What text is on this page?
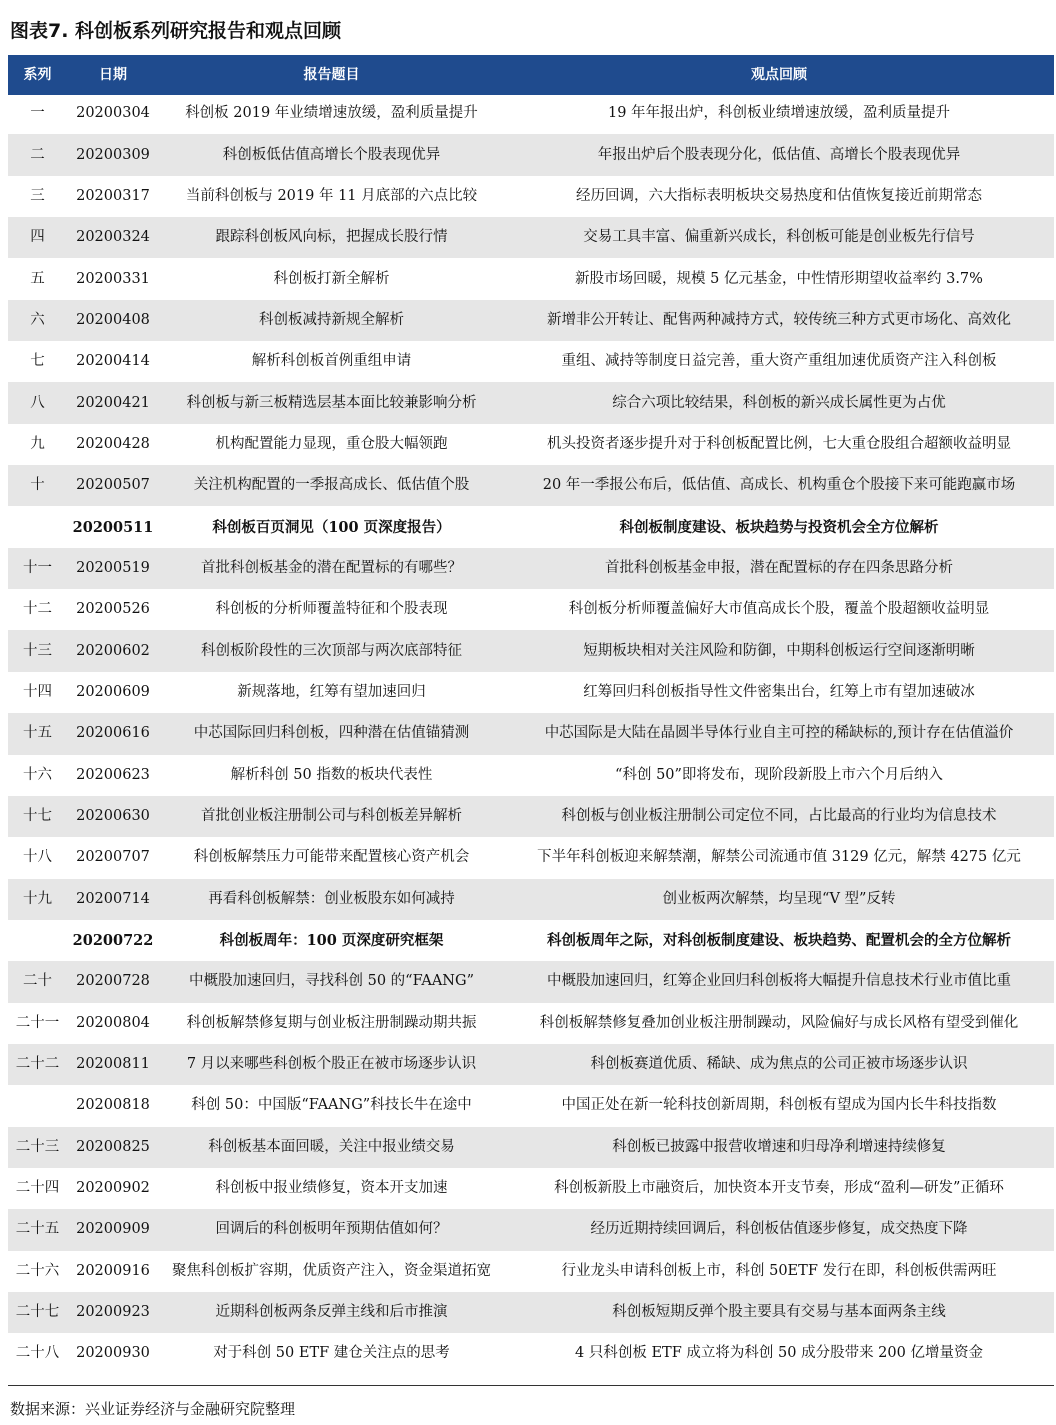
图表7. 科创板系列研究报告和观点回顾
系列	日期	报告题目	观点回顾
一	20200304	科创板 2019 年业绩增速放缓，盈利质量提升	19 年年报出炉，科创板业绩增速放缓，盈利质量提升
二	20200309	科创板低估值高增长个股表现优异	年报出炉后个股表现分化，低估值、高增长个股表现优异
三	20200317	当前科创板与 2019 年 11 月底部的六点比较	经历回调，六大指标表明板块交易热度和估值恢复接近前期常态
四	20200324	跟踪科创板风向标，把握成长股行情	交易工具丰富、偏重新兴成长，科创板可能是创业板先行信号
五	20200331	科创板打新全解析	新股市场回暖，规模 5 亿元基金，中性情形期望收益率约 3.7%
六	20200408	科创板减持新规全解析	新增非公开转让、配售两种减持方式，较传统三种方式更市场化、高效化
七	20200414	解析科创板首例重组申请	重组、减持等制度日益完善，重大资产重组加速优质资产注入科创板
八	20200421	科创板与新三板精选层基本面比较兼影响分析	综合六项比较结果，科创板的新兴成长属性更为占优
九	20200428	机构配置能力显现，重仓股大幅领跑	机头投资者逐步提升对于科创板配置比例，七大重仓股组合超额收益明显
十	20200507	关注机构配置的一季报高成长、低估值个股	20 年一季报公布后，低估值、高成长、机构重仓个股接下来可能跑赢市场
	20200511	科创板百页洞见（100 页深度报告）	科创板制度建设、板块趋势与投资机会全方位解析
十一	20200519	首批科创板基金的潜在配置标的有哪些？	首批科创板基金申报，潜在配置标的存在四条思路分析
十二	20200526	科创板的分析师覆盖特征和个股表现	科创板分析师覆盖偏好大市值高成长个股，覆盖个股超额收益明显
十三	20200602	科创板阶段性的三次顶部与两次底部特征	短期板块相对关注风险和防御，中期科创板运行空间逐渐明晰
十四	20200609	新规落地，红筹有望加速回归	红筹回归科创板指导性文件密集出台，红筹上市有望加速破冰
十五	20200616	中芯国际回归科创板，四种潜在估值锚猜测	中芯国际是大陆在晶圆半导体行业自主可控的稀缺标的,预计存在估值溢价
十六	20200623	解析科创 50 指数的板块代表性	“科创 50”即将发布，现阶段新股上市六个月后纳入
十七	20200630	首批创业板注册制公司与科创板差异解析	科创板与创业板注册制公司定位不同，占比最高的行业均为信息技术
十八	20200707	科创板解禁压力可能带来配置核心资产机会	下半年科创板迎来解禁潮，解禁公司流通市值 3129 亿元，解禁 4275 亿元
十九	20200714	再看科创板解禁：创业板股东如何减持	创业板两次解禁，均呈现“V 型”反转
	20200722	科创板周年：100 页深度研究框架	科创板周年之际，对科创板制度建设、板块趋势、配置机会的全方位解析
二十	20200728	中概股加速回归，寻找科创 50 的“FAANG”	中概股加速回归，红筹企业回归科创板将大幅提升信息技术行业市值比重
二十一	20200804	科创板解禁修复期与创业板注册制躁动期共振	科创板解禁修复叠加创业板注册制躁动，风险偏好与成长风格有望受到催化
二十二	20200811	7 月以来哪些科创板个股正在被市场逐步认识	科创板赛道优质、稀缺、成为焦点的公司正被市场逐步认识
	20200818	科创 50：中国版“FAANG”科技长牛在途中	中国正处在新一轮科技创新周期，科创板有望成为国内长牛科技指数
二十三	20200825	科创板基本面回暖，关注中报业绩交易	科创板已披露中报营收增速和归母净利增速持续修复
二十四	20200902	科创板中报业绩修复，资本开支加速	科创板新股上市融资后，加快资本开支节奏，形成“盈利—研发”正循环
二十五	20200909	回调后的科创板明年预期估值如何？	经历近期持续回调后，科创板估值逐步修复，成交热度下降
二十六	20200916	聚焦科创板扩容期，优质资产注入，资金渠道拓宽	行业龙头申请科创板上市，科创 50ETF 发行在即，科创板供需两旺
二十七	20200923	近期科创板两条反弹主线和后市推演	科创板短期反弹个股主要具有交易与基本面两条主线
二十八	20200930	对于科创 50 ETF 建仓关注点的思考	4 只科创板 ETF 成立将为科创 50 成分股带来 200 亿增量资金
数据来源：兴业证券经济与金融研究院整理
